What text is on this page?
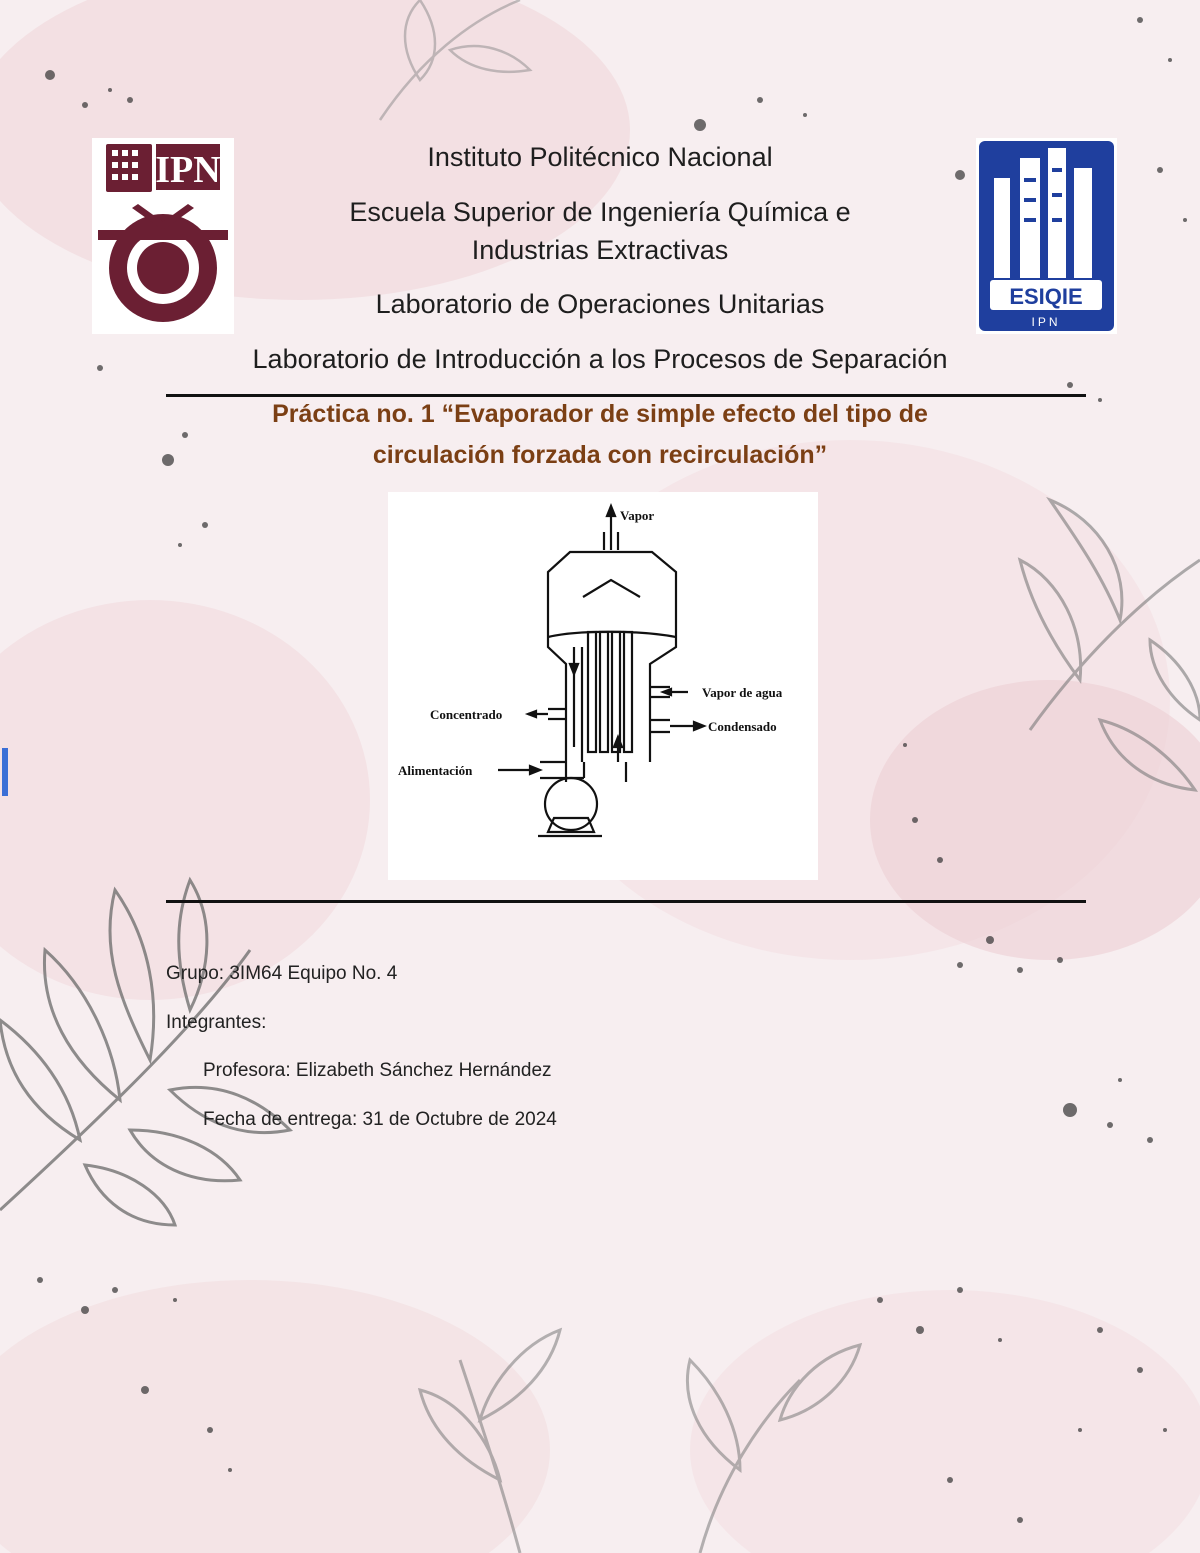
IPN
ESIQIE
IPN
Instituto Politécnico Nacional
Escuela Superior de Ingeniería Química e
Industrias Extractivas
Laboratorio de Operaciones Unitarias
Laboratorio de Introducción a los Procesos de Separación
Práctica no. 1 “Evaporador de simple efecto del tipo de
circulación forzada con recirculación”
Vapor
Vapor de agua
Concentrado
Condensado
Alimentación
Grupo: 3IM64 Equipo No. 4
Integrantes:
Profesora: Elizabeth Sánchez Hernández
Fecha de entrega: 31 de Octubre de 2024
